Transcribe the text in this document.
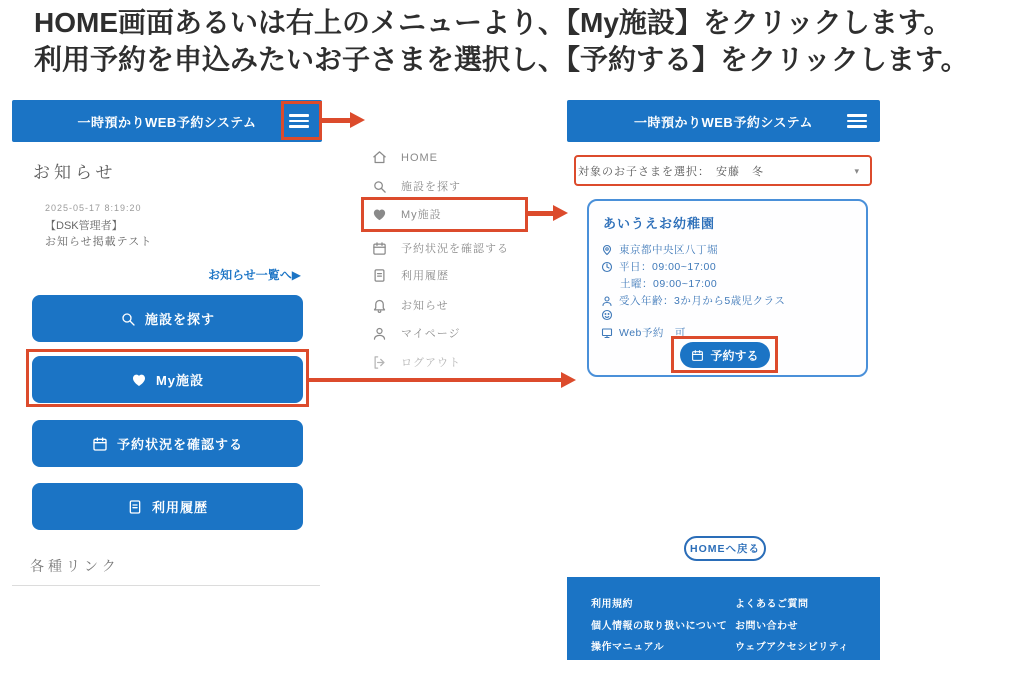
HOME画面あるいは右上のメニューより、【My施設】をクリックします。
利用予約を申込みたいお子さまを選択し、【予約する】をクリックします。
一時預かりWEB予約システム
お知らせ
2025-05-17 8:19:20
【DSK管理者】
お知らせ掲載テスト
お知らせ一覧へ▶
施設を探す
My施設
予約状況を確認する
利用履歴
各種リンク
HOME
施設を探す
My施設
予約状況を確認する
利用履歴
お知らせ
マイページ
ログアウト
一時預かりWEB予約システム
対象のお子さまを選択： 安藤　冬	▾
あいうえお幼稚園
東京都中央区八丁堀
平日：09:00~17:00
土曜：09:00~17:00
受入年齢：3か月から5歳児クラス
Web予約　可
予約する
HOMEへ戻る
利用規約
個人情報の取り扱いについて
操作マニュアル
よくあるご質問
お問い合わせ
ウェブアクセシビリティ
